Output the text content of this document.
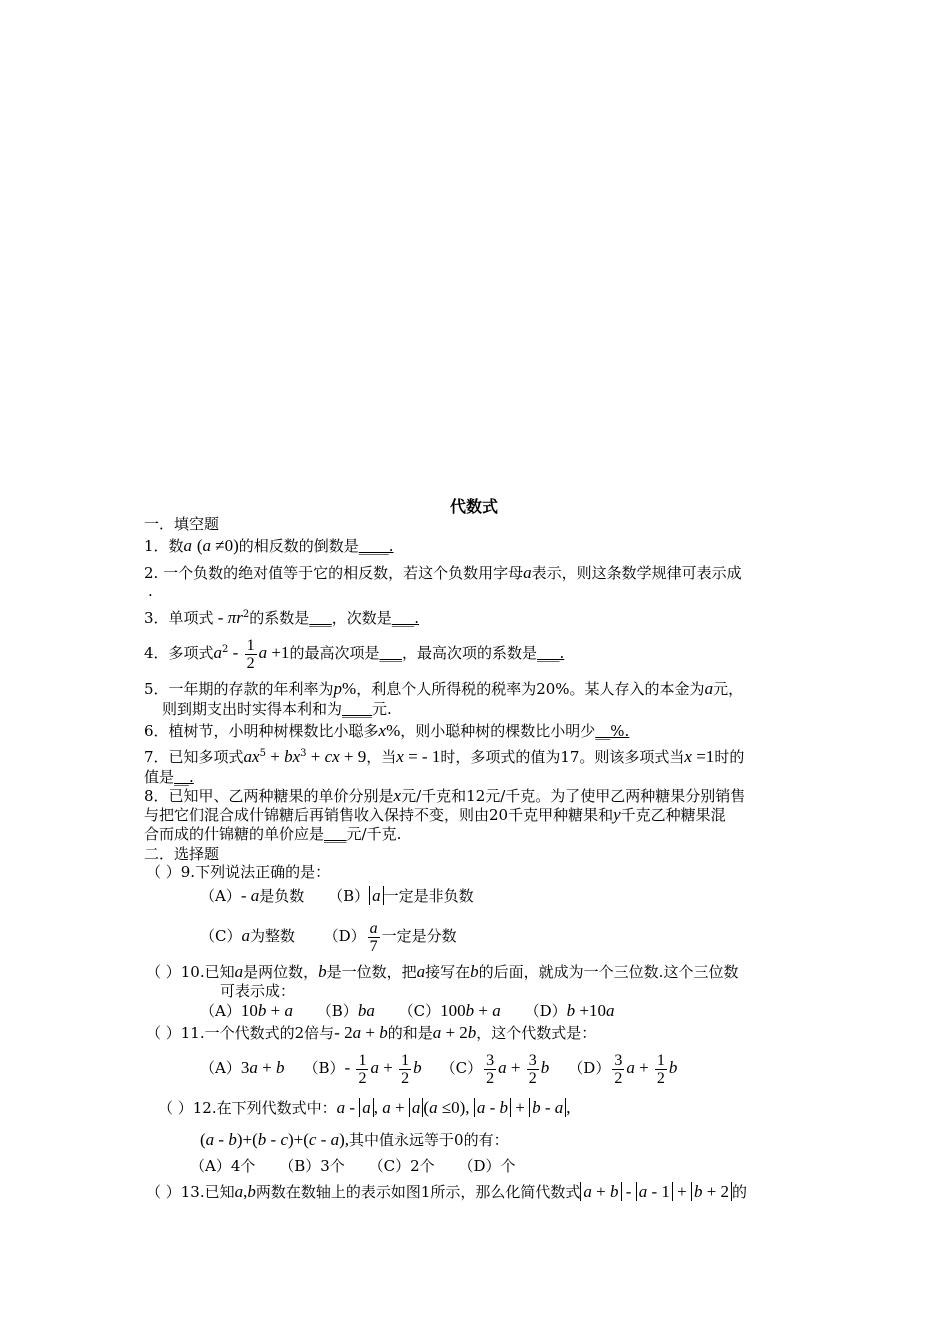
代数式
一．填空题
1．数a (a ≠0)的相反数的倒数是____.
2. 一个负数的绝对值等于它的相反数，若这个负数用字母a表示，则这条数学规律可表示成
.
3．单项式 - $\pi r^2$的系数是___，次数是___.
4．多项式$a^2 - \frac{1}{2}$ a +1的最高次项是___，最高次项的系数是___.
5．一年期的存款的年利率为p%，利息个人所得税的税率为20%。某人存入的本金为a元，
则到期支出时实得本利和为____元.
6．植树节，小明种树棵数比小聪多x%，则小聪种树的棵数比小明少__%.
7．已知多项式$ax^5 + bx^3$ + cx + 9，当x = - 1时，多项式的值为17。则该多项式当x =1时的
值是__.
8．已知甲、乙两种糖果的单价分别是x元/千克和12元/千克。为了使甲乙两种糖果分别销售
与把它们混合成什锦糖后再销售收入保持不变，则由20千克甲种糖果和y千克乙种糖果混
合而成的什锦糖的单价应是___元/千克.
二．选择题
（ ）9.下列说法正确的是：
（A）- a是负数 （B） a 一定是非负数
（C）a为整数 $(D) \frac{a}{7}$ 一定是分数
（ ）10.已知a是两位数，b是一位数，把a接写在b的后面，就成为一个三位数.这个三位数
可表示成：
（A）10b + a （B）ba （C）100b + a （D）b +10a
（ ）11.一个代数式的2倍与- 2a + b的和是a + 2b，这个代数式是：
（A）3a + b $(B)- \frac{1}{2}$ $a + \frac{1}{2}$ b $(C) \frac{3}{2}$ $a + \frac{3}{2}$ b $(D) \frac{3}{2}$ $a + \frac{1}{2}$ b
（ ）12.在下列代数式中：a - a , a + a (a ≤0), a - b + b - a ,
(a - b)+(b - c)+(c - a),其中值永远等于0的有：
（A）4个 （B）3个 （C）2个 （D）个
（ ）13.已知a,b两数在数轴上的表示如图1所示，那么化简代数式 a + b - a - 1 + b + 2 的
